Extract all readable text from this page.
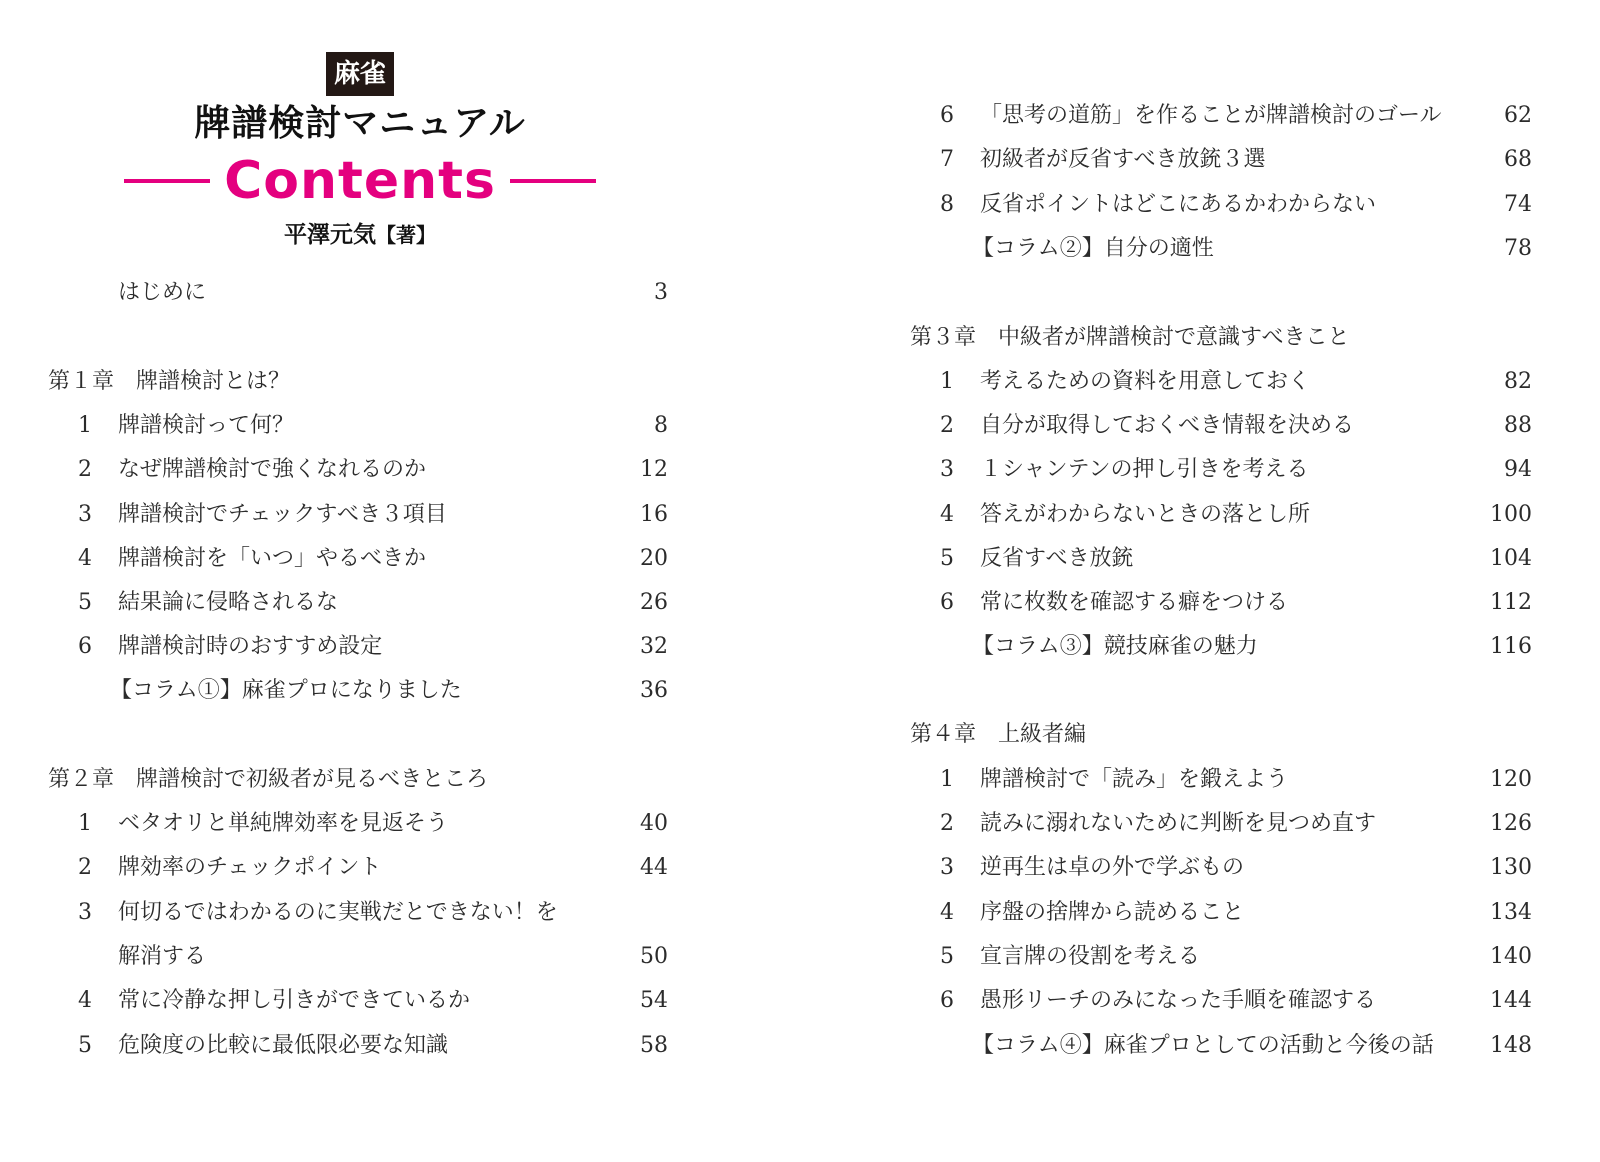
麻雀
牌譜検討マニュアル
Contents
平澤元気【著】
はじめに	3
第１章　牌譜検討とは？
1	牌譜検討って何？	8
2	なぜ牌譜検討で強くなれるのか	12
3	牌譜検討でチェックすべき３項目	16
4	牌譜検討を「いつ」やるべきか	20
5	結果論に侵略されるな	26
6	牌譜検討時のおすすめ設定	32
【コラム①】麻雀プロになりました	36
第２章　牌譜検討で初級者が見るべきところ
1	ベタオリと単純牌効率を見返そう	40
2	牌効率のチェックポイント	44
3	何切るではわかるのに実戦だとできない！を
解消する	50
4	常に冷静な押し引きができているか	54
5	危険度の比較に最低限必要な知識	58
6	「思考の道筋」を作ることが牌譜検討のゴール	62
7	初級者が反省すべき放銃３選	68
8	反省ポイントはどこにあるかわからない	74
【コラム②】自分の適性	78
第３章　中級者が牌譜検討で意識すべきこと
1	考えるための資料を用意しておく	82
2	自分が取得しておくべき情報を決める	88
3	１シャンテンの押し引きを考える	94
4	答えがわからないときの落とし所	100
5	反省すべき放銃	104
6	常に枚数を確認する癖をつける	112
【コラム③】競技麻雀の魅力	116
第４章　上級者編
1	牌譜検討で「読み」を鍛えよう	120
2	読みに溺れないために判断を見つめ直す	126
3	逆再生は卓の外で学ぶもの	130
4	序盤の捨牌から読めること	134
5	宣言牌の役割を考える	140
6	愚形リーチのみになった手順を確認する	144
【コラム④】麻雀プロとしての活動と今後の話	148
